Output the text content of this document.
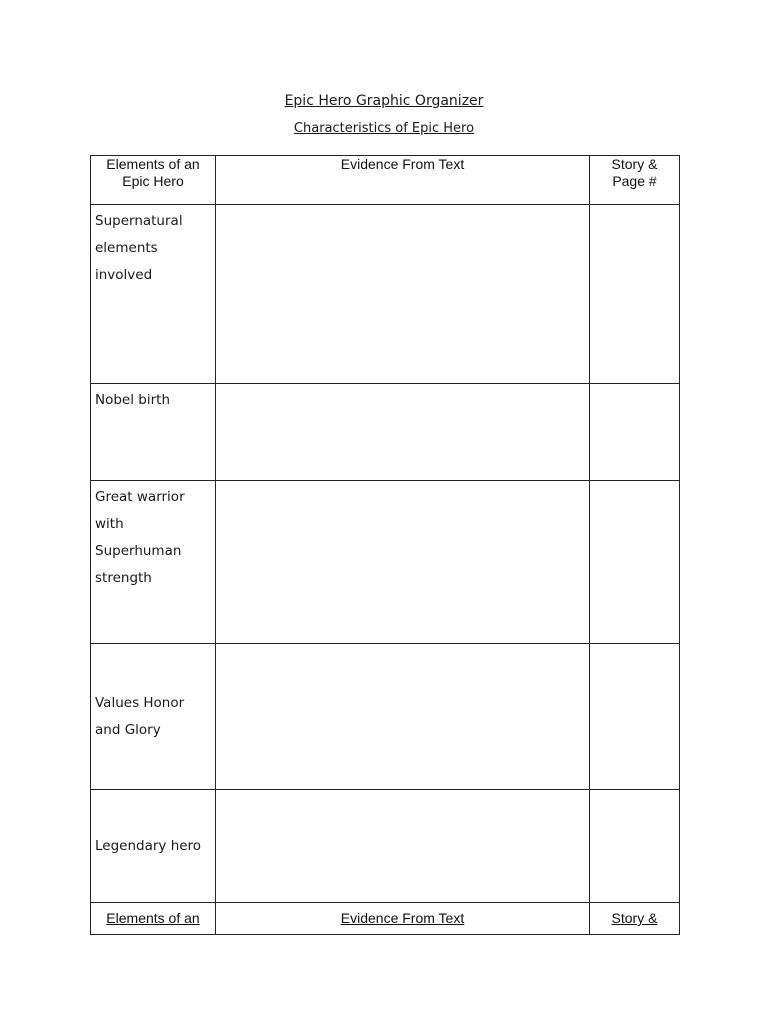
Epic Hero Graphic Organizer
Characteristics of Epic Hero
Elements of an Epic Hero	Evidence From Text	Story & Page #

Supernatural elements involved		
Nobel birth		
Great warrior with Superhuman strength		
Values Honor and Glory		
Legendary hero		
Elements of an	Evidence From Text	Story &
